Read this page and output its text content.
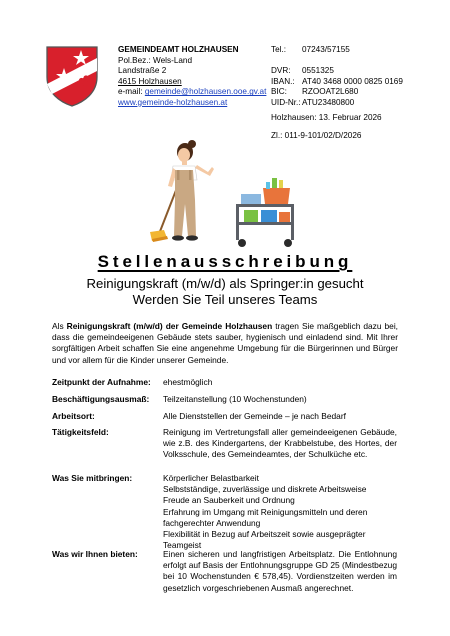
GEMEINDEAMT HOLZHAUSEN
Pol.Bez.: Wels-Land
Landstraße 2
4615 Holzhausen
e-mail: gemeinde@holzhausen.ooe.gv.at
www.gemeinde-holzhausen.at
Tel.: 07243/57155

DVR: 0551325
IBAN.: AT40 3468 0000 0825 0169
BIC: RZOOAT2L680
UID-Nr.:ATU23480800
Holzhausen: 13. Februar 2026
Zl.: 011-9-101/02/D/2026
Stellenausschreibung
Reinigungskraft (m/w/d) als Springer:in gesucht
Werden Sie Teil unseres Teams
Als Reinigungskraft (m/w/d) der Gemeinde Holzhausen tragen Sie maßgeblich dazu bei, dass die gemeindeeigenen Gebäude stets sauber, hygienisch und einladend sind. Mit Ihrer sorgfältigen Arbeit schaffen Sie eine angenehme Umgebung für die Bürgerinnen und Bürger und vor allem für die Kinder unserer Gemeinde.
Zeitpunkt der Aufnahme: ehestmöglich
Beschäftigungsausmaß: Teilzeitanstellung (10 Wochenstunden)
Arbeitsort:	Alle Dienststellen der Gemeinde – je nach Bedarf
Tätigkeitsfeld:	Reinigung im Vertretungsfall aller gemeindeeigenen Gebäude, wie z.B. des Kindergartens, der Krabbelstube, des Hortes, der Volksschule, des Gemeindeamtes, der Schulküche etc.
Was Sie mitbringen:	Körperlicher Belastbarkeit
Selbstständige, zuverlässige und diskrete Arbeitsweise
Freude an Sauberkeit und Ordnung
Erfahrung im Umgang mit Reinigungsmitteln und deren fachgerechter Anwendung
Flexibilität in Bezug auf Arbeitszeit sowie ausgeprägter Teamgeist
Was wir Ihnen bieten:	Einen sicheren und langfristigen Arbeitsplatz. Die Entlohnung erfolgt auf Basis der Entlohnungsgruppe GD 25 (Mindestbezug bei 10 Wochenstunden € 578,45). Vordienstzeiten werden im gesetzlich vorgeschriebenen Ausmaß angerechnet.
